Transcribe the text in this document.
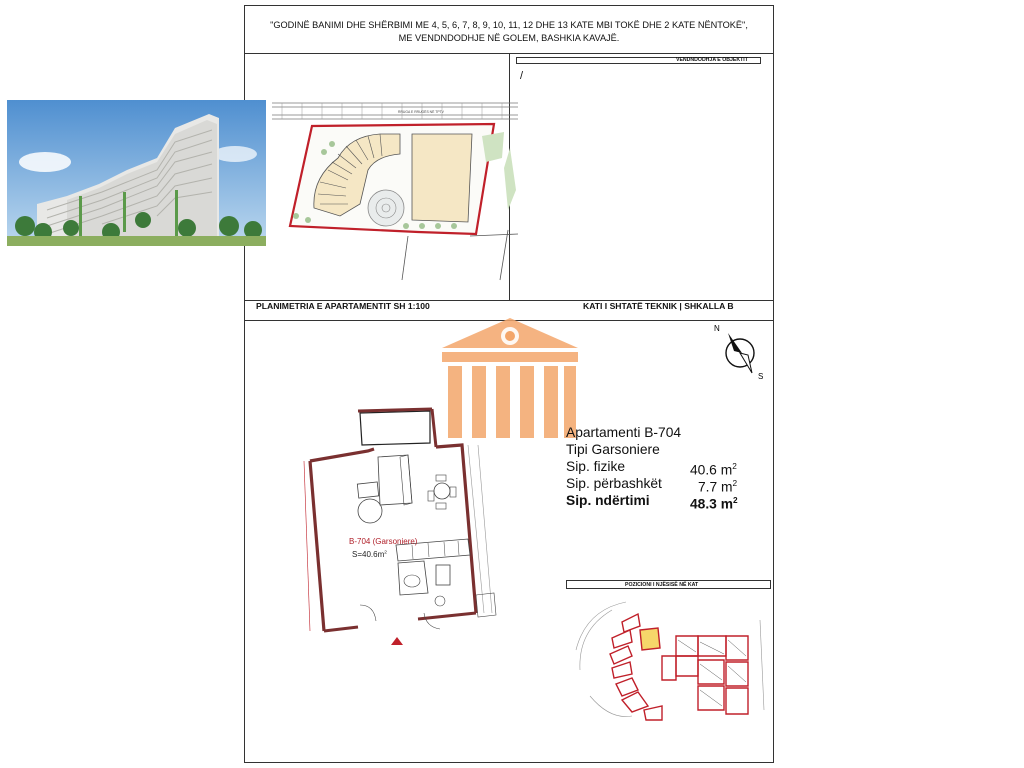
"GODINË BANIMI DHE SHËRBIMI ME 4, 5, 6, 7, 8, 9, 10, 11, 12 DHE 13 KATE MBI TOKË DHE 2 KATE NËNTOKË",
ME VENDNDODHJE NË GOLEM, BASHKIA KAVAJË.
VENDNDODHJA E OBJEKTIT
/
PLANIMETRIA E APARTAMENTIT SH 1:100	KATI I SHTATË TEKNIK | SHKALLA B
RRUGA E RRUGËS NË TPTV
N
S
Apartamenti B-704
Tipi Garsoniere
Sip. fizike	40.6 $m^2$
Sip. përbashkët	7.7 $m^2$
Sip. ndërtimi	48.3 $m^2$
B-704 (Garsoniere)
$S=40.6m^2$
POZICIONI I NJËSISË NË KAT
